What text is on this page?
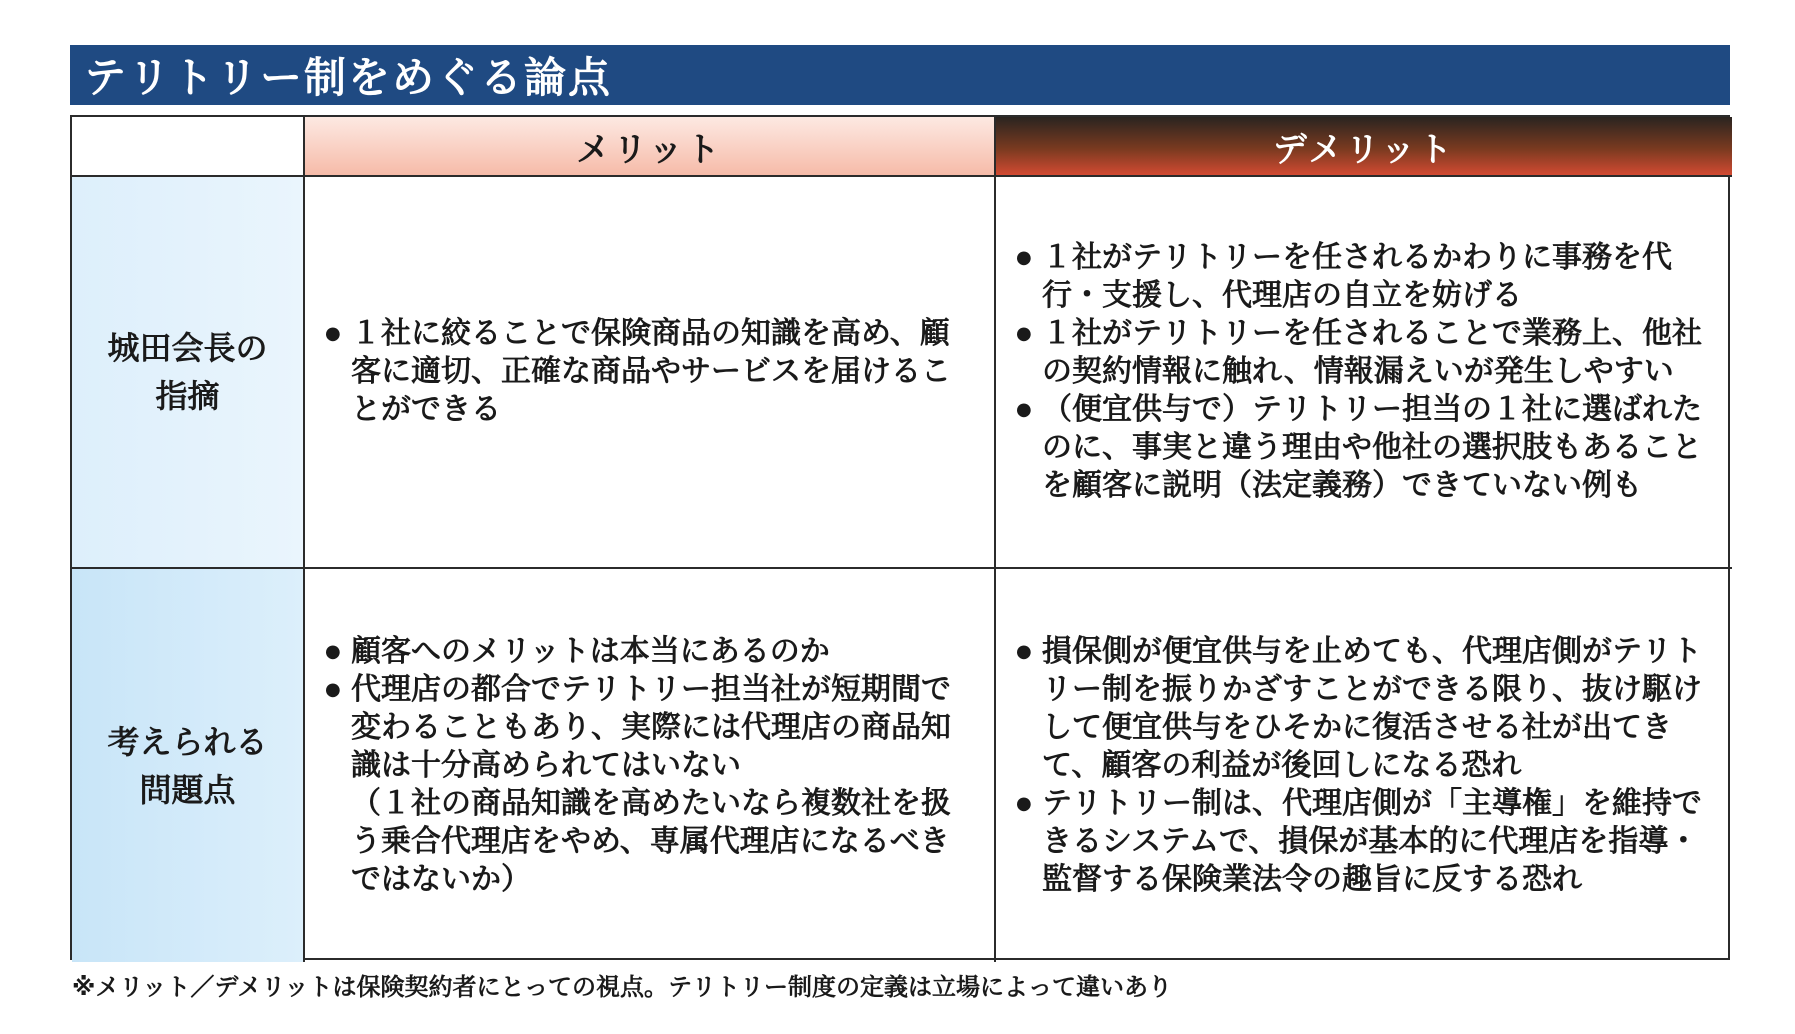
テリトリー制をめぐる論点
メリット	デメリット
城田会長の
指摘
● １社に絞ることで保険商品の知識を高め、顧客に適切、正確な商品やサービスを届けることができる
● １社がテリトリーを任されるかわりに事務を代行・支援し、代理店の自立を妨げる
● １社がテリトリーを任されることで業務上、他社の契約情報に触れ、情報漏えいが発生しやすい
● （便宜供与で）テリトリー担当の１社に選ばれたのに、事実と違う理由や他社の選択肢もあることを顧客に説明（法定義務）できていない例も
考えられる
問題点
● 顧客へのメリットは本当にあるのか
● 代理店の都合でテリトリー担当社が短期間で変わることもあり、実際には代理店の商品知識は十分高められてはいない
（１社の商品知識を高めたいなら複数社を扱う乗合代理店をやめ、専属代理店になるべきではないか）
● 損保側が便宜供与を止めても、代理店側がテリトリー制を振りかざすことができる限り、抜け駆けして便宜供与をひそかに復活させる社が出てきて、顧客の利益が後回しになる恐れ
● テリトリー制は、代理店側が「主導権」を維持できるシステムで、損保が基本的に代理店を指導・監督する保険業法令の趣旨に反する恐れ
※メリット／デメリットは保険契約者にとっての視点。テリトリー制度の定義は立場によって違いあり
